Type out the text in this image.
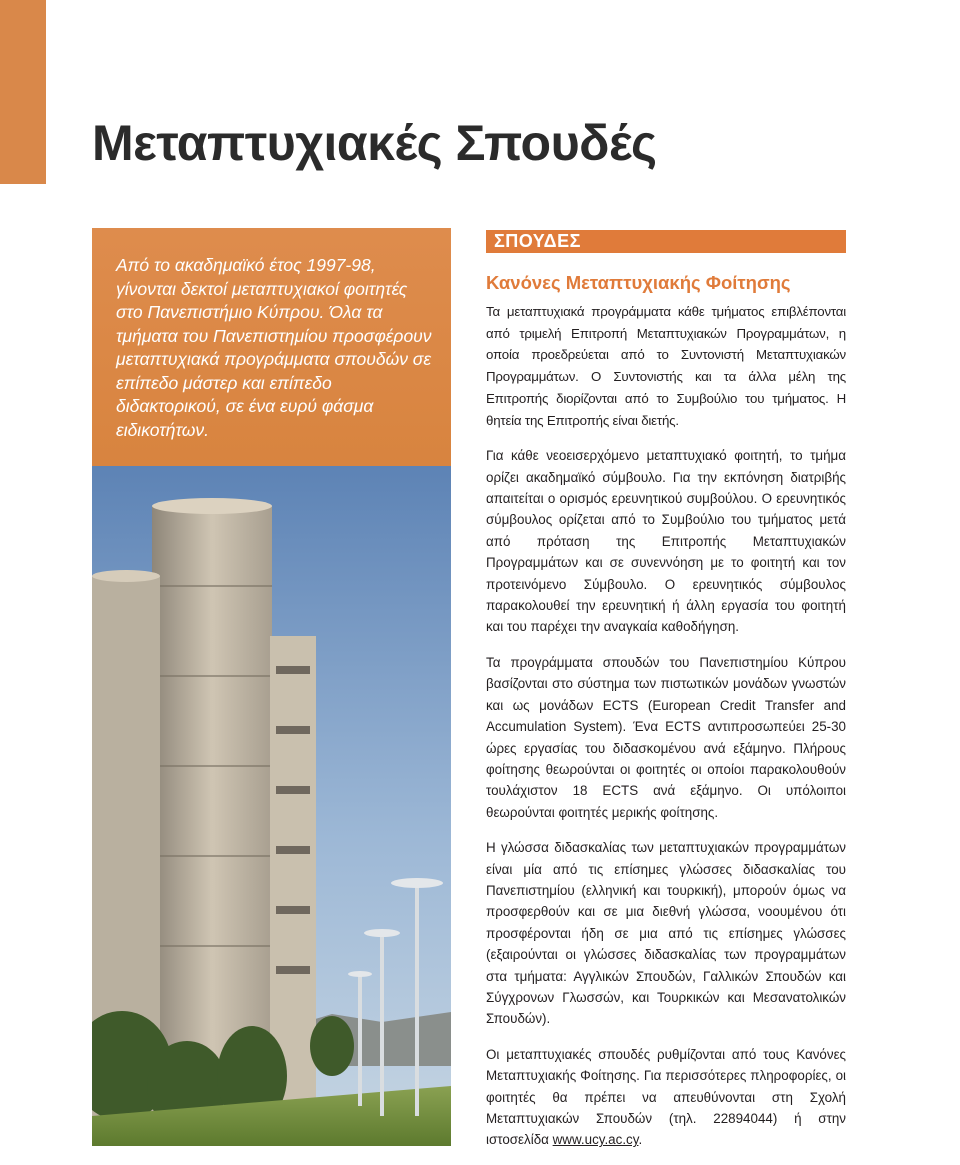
Μεταπτυχιακές Σπουδές

Από το ακαδημαϊκό έτος 1997-98, γίνονται δεκτοί μεταπτυχιακοί φοιτητές στο Πανεπιστήμιο Κύπρου. Όλα τα τμήματα του Πανεπιστημίου προσφέρουν μεταπτυχιακά προγράμματα σπουδών σε επίπεδο μάστερ και επίπεδο διδακτορικού, σε ένα ευρύ φάσμα ειδικοτήτων.

ΣΠΟΥΔΕΣ
Κανόνες Μεταπτυχιακής Φοίτησης

Τα μεταπτυχιακά προγράμματα κάθε τμήματος επιβλέπονται από τριμελή Επιτροπή Μεταπτυχιακών Προγραμμάτων, η οποία προεδρεύεται από το Συντονιστή Μεταπτυχιακών Προγραμμάτων. Ο Συντονιστής και τα άλλα μέλη της Επιτροπής διορίζονται από το Συμβούλιο του τμήματος. Η θητεία της Επιτροπής είναι διετής.

Για κάθε νεοεισερχόμενο μεταπτυχιακό φοιτητή, το τμήμα ορίζει ακαδημαϊκό σύμβουλο. Για την εκπόνηση διατριβής απαιτείται ο ορισμός ερευνητικού συμβούλου. Ο ερευνητικός σύμβουλος ορίζεται από το Συμβούλιο του τμήματος μετά από πρόταση της Επιτροπής Μεταπτυχιακών Προγραμμάτων και σε συνεννόηση με το φοιτητή και τον προτεινόμενο Σύμβουλο. Ο ερευνητικός σύμβουλος παρακολουθεί την ερευνητική ή άλλη εργασία του φοιτητή και του παρέχει την αναγκαία καθοδήγηση.

Τα προγράμματα σπουδών του Πανεπιστημίου Κύπρου βασίζονται στο σύστημα των πιστωτικών μονάδων γνωστών και ως μονάδων ECTS (European Credit Transfer and Accumulation System). Ένα ECTS αντιπροσωπεύει 25-30 ώρες εργασίας του διδασκομένου ανά εξάμηνο. Πλήρους φοίτησης θεωρούνται οι φοιτητές οι οποίοι παρακολουθούν τουλάχιστον 18 ECTS ανά εξάμηνο. Οι υπόλοιποι θεωρούνται φοιτητές μερικής φοίτησης.

Η γλώσσα διδασκαλίας των μεταπτυχιακών προγραμμάτων είναι μία από τις επίσημες γλώσσες διδασκαλίας του Πανεπιστημίου (ελληνική και τουρκική), μπορούν όμως να προσφερθούν και σε μια διεθνή γλώσσα, νοουμένου ότι προσφέρονται ήδη σε μια από τις επίσημες γλώσσες (εξαιρούνται οι γλώσσες διδασκαλίας των προγραμμάτων στα τμήματα: Αγγλικών Σπουδών, Γαλλικών Σπουδών και Σύγχρονων Γλωσσών, και Τουρκικών και Μεσανατολικών Σπουδών).

Οι μεταπτυχιακές σπουδές ρυθμίζονται από τους Κανόνες Μεταπτυχιακής Φοίτησης. Για περισσότερες πληροφορίες, οι φοιτητές θα πρέπει να απευθύνονται στη Σχολή Μεταπτυχιακών Σπουδών (τηλ. 22894044) ή στην ιστοσελίδα www.ucy.ac.cy.
